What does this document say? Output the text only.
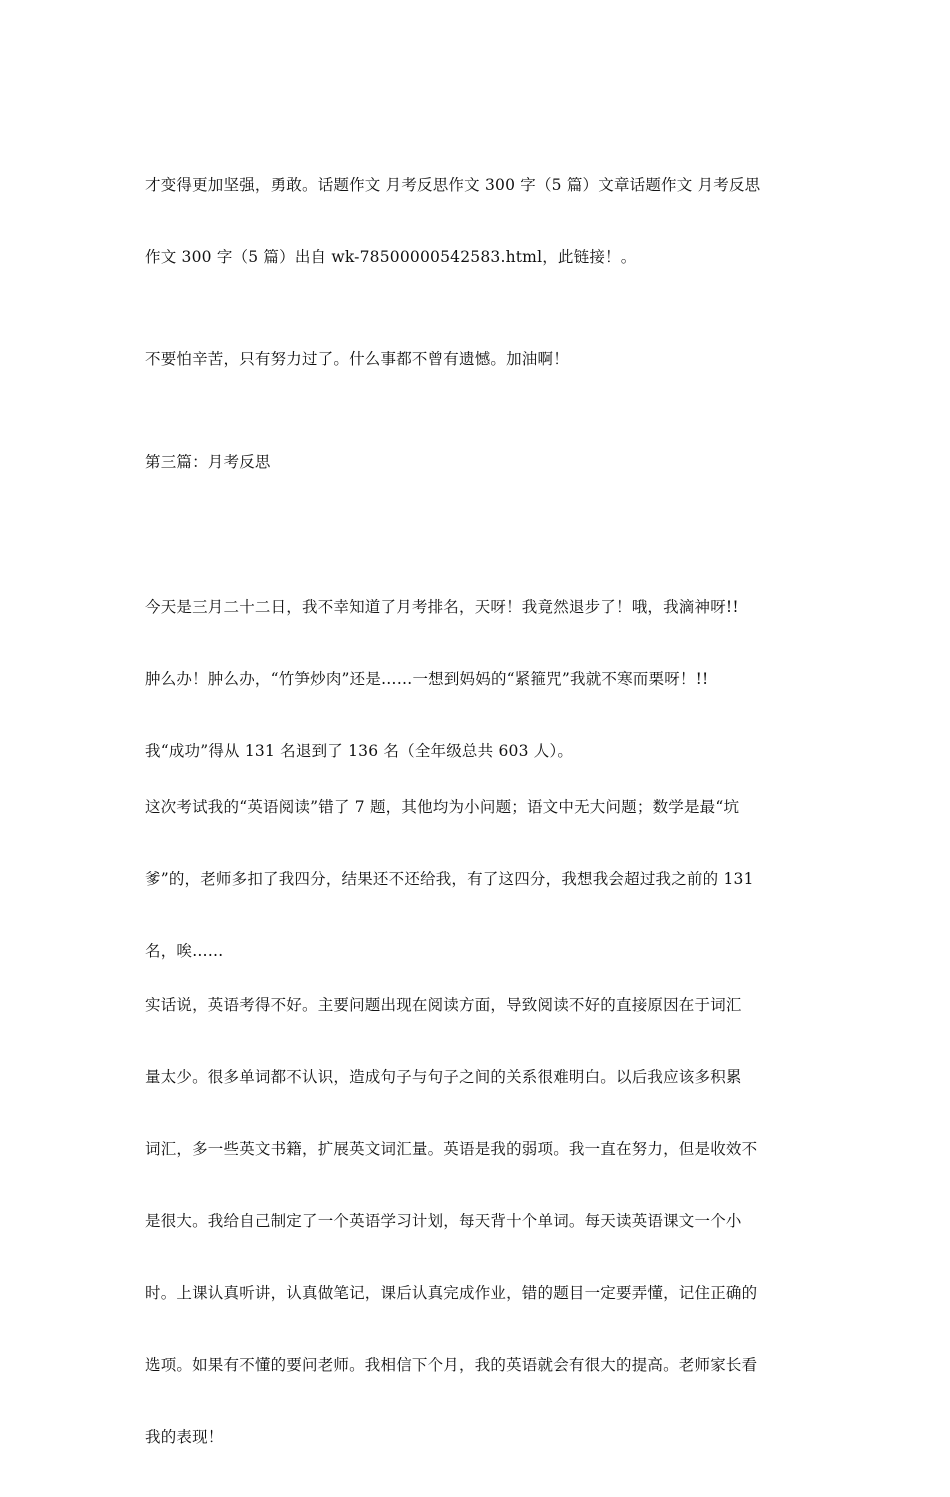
才变得更加坚强，勇敢。话题作文 月考反思作文 300 字（5 篇）文章话题作文 月考反思

作文 300 字（5 篇）出自 wk-78500000542583.html，此链接！。

不要怕辛苦，只有努力过了。什么事都不曾有遗憾。加油啊！

第三篇：月考反思

今天是三月二十二日，我不幸知道了月考排名，天呀！我竟然退步了！哦，我滴神呀!!

肿么办！肿么办，“竹笋炒肉”还是……一想到妈妈的“紧箍咒”我就不寒而栗呀！!!

我“成功”得从 131 名退到了 136 名（全年级总共 603 人）。

这次考试我的“英语阅读”错了 7 题，其他均为小问题；语文中无大问题；数学是最“坑

爹”的，老师多扣了我四分，结果还不还给我，有了这四分，我想我会超过我之前的 131

名，唉……

实话说，英语考得不好。主要问题出现在阅读方面，导致阅读不好的直接原因在于词汇

量太少。很多单词都不认识，造成句子与句子之间的关系很难明白。以后我应该多积累

词汇，多一些英文书籍，扩展英文词汇量。英语是我的弱项。我一直在努力，但是收效不

是很大。我给自己制定了一个英语学习计划，每天背十个单词。每天读英语课文一个小

时。上课认真听讲，认真做笔记，课后认真完成作业，错的题目一定要弄懂，记住正确的

选项。如果有不懂的要问老师。我相信下个月，我的英语就会有很大的提高。老师家长看

我的表现！
